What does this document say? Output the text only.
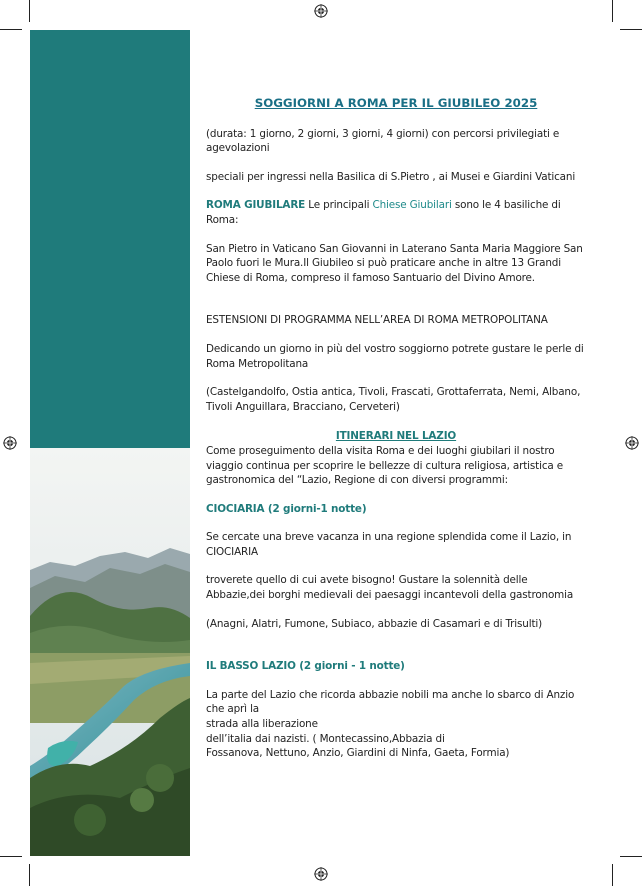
SOGGIORNI A ROMA PER IL GIUBILEO 2025

(durata: 1 giorno, 2 giorni, 3 giorni, 4 giorni) con percorsi privilegiati e agevolazioni

speciali per ingressi nella Basilica di S.Pietro , ai Musei e Giardini Vaticani

ROMA GIUBILARE Le principali Chiese Giubilari sono le 4 basiliche di Roma:

San Pietro in Vaticano San Giovanni in Laterano Santa Maria Maggiore San Paolo fuori le Mura.Il Giubileo si può praticare anche in altre 13 Grandi Chiese di Roma, compreso il famoso Santuario del Divino Amore.

ESTENSIONI DI PROGRAMMA NELL’AREA DI ROMA METROPOLITANA

Dedicando un giorno in più del vostro soggiorno potrete gustare le perle di Roma Metropolitana

(Castelgandolfo, Ostia antica, Tivoli, Frascati, Grottaferrata, Nemi, Albano, Tivoli Anguillara, Bracciano, Cerveteri)

ITINERARI NEL LAZIO

Come proseguimento della visita Roma e dei luoghi giubilari il nostro viaggio continua per scoprire le bellezze di cultura religiosa, artistica e gastronomica del “Lazio, Regione di con diversi programmi:

CIOCIARIA (2 giorni-1 notte)

Se cercate una breve vacanza in una regione splendida come il Lazio, in CIOCIARIA

troverete quello di cui avete bisogno! Gustare la solennità delle Abbazie,dei borghi medievali dei paesaggi incantevoli della gastronomia

(Anagni, Alatri, Fumone, Subiaco, abbazie di Casamari e di Trisulti)

IL BASSO LAZIO (2 giorni - 1 notte)

La parte del Lazio che ricorda abbazie nobili ma anche lo sbarco di Anzio che aprì la

strada alla liberazione

dell’italia dai nazisti. ( Montecassino,Abbazia di

Fossanova, Nettuno, Anzio, Giardini di Ninfa, Gaeta, Formia)
